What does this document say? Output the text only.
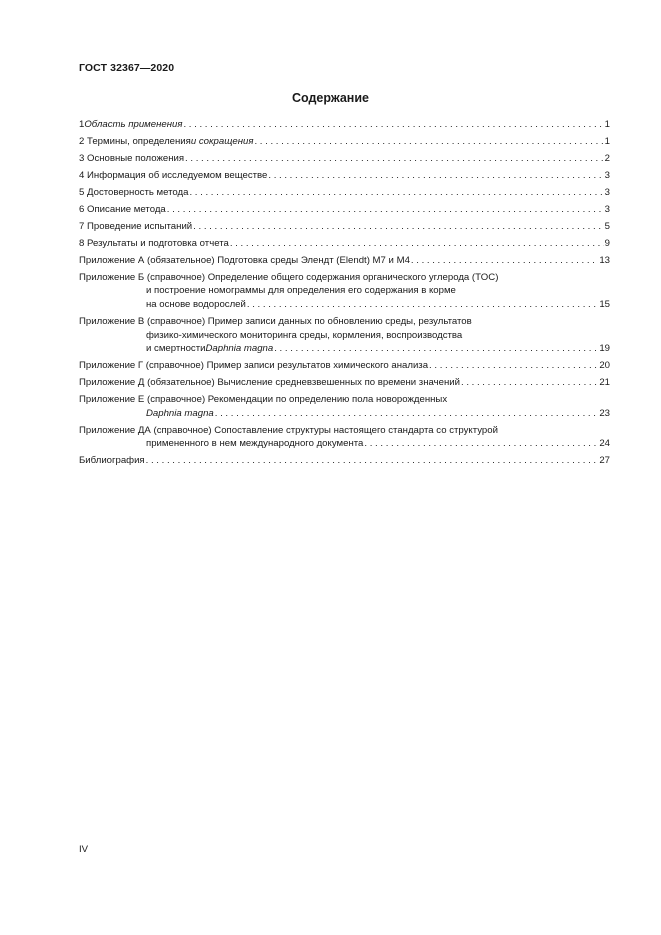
ГОСТ 32367—2020
Содержание
1 Область применения . . .	1
2 Термины, определения и сокращения . . .	1
3 Основные положения . . .	2
4 Информация об исследуемом веществе . . .	3
5 Достоверность метода . . .	3
6 Описание метода . . .	3
7 Проведение испытаний . . .	5
8 Результаты и подготовка отчета . . .	9
Приложение А (обязательное) Подготовка среды Элендт (Elendt) М7 и М4 . . .	13
Приложение Б (справочное) Определение общего содержания органического углерода (TOC)
и построение номограммы для определения его содержания в корме
на основе водорослей . . .	15
Приложение В (справочное) Пример записи данных по обновлению среды, результатов
физико-химического мониторинга среды, кормления, воспроизводства
и смертности Daphnia magna . . .	19
Приложение Г (справочное) Пример записи результатов химического анализа . . .	20
Приложение Д (обязательное) Вычисление средневзвешенных по времени значений . . .	21
Приложение Е (справочное) Рекомендации по определению пола новорожденных
Daphnia magna . . .	23
Приложение ДА (справочное) Сопоставление структуры настоящего стандарта со структурой
примененного в нем международного документа . . .	24
Библиография . . .	27
IV
